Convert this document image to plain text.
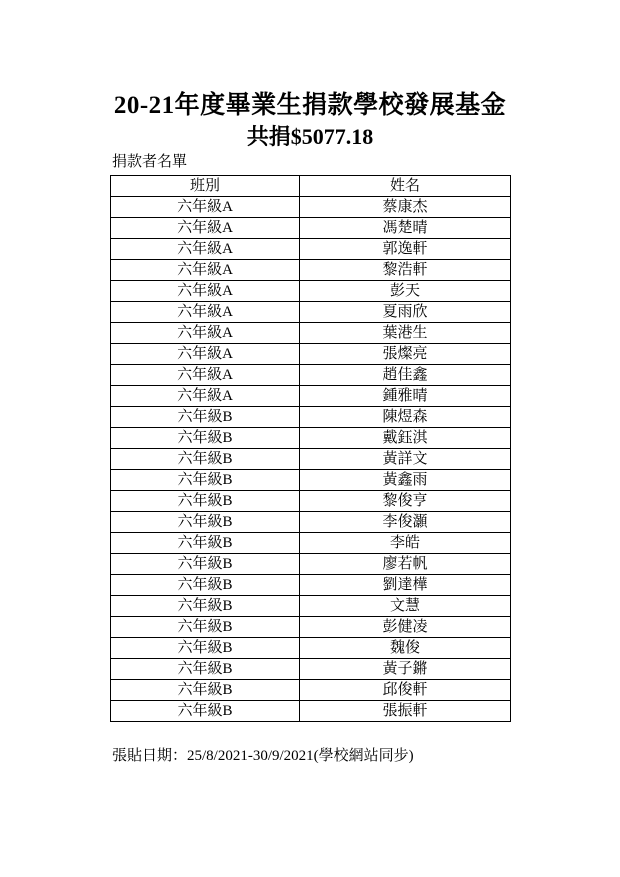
20-21年度畢業生捐款學校發展基金
共捐$5077.18
捐款者名單
班別	姓名
六年級A	蔡康杰
六年級A	馮楚晴
六年級A	郭逸軒
六年級A	黎浩軒
六年級A	彭天
六年級A	夏雨欣
六年級A	葉港生
六年級A	張燦亮
六年級A	趙佳鑫
六年級A	鍾雅晴
六年級B	陳煜森
六年級B	戴鈺淇
六年級B	黃詳文
六年級B	黃鑫雨
六年級B	黎俊亨
六年級B	李俊灝
六年級B	李皓
六年級B	廖若帆
六年級B	劉達樺
六年級B	文慧
六年級B	彭健凌
六年級B	魏俊
六年級B	黃子鏘
六年級B	邱俊軒
六年級B	張振軒
張貼日期：25/8/2021-30/9/2021(學校網站同步)
